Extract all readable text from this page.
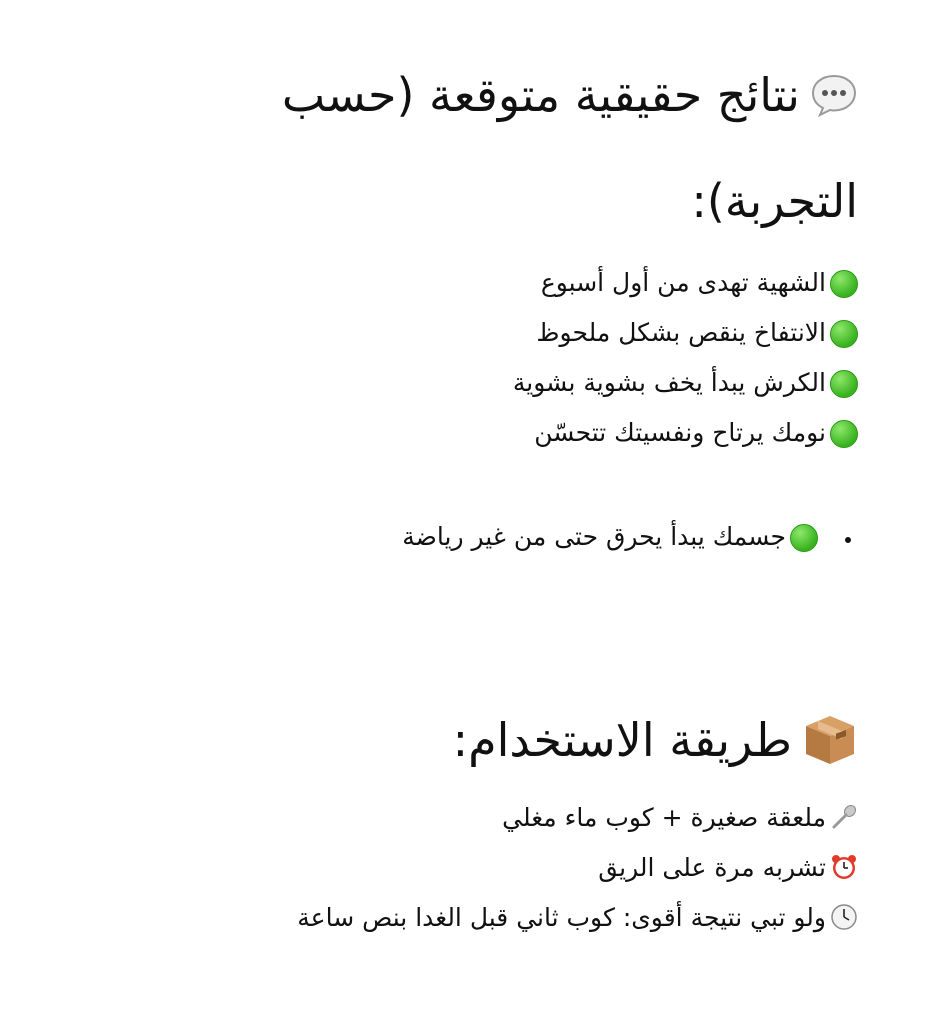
نتائج حقيقية متوقعة (حسب
التجربة):

الشهية تهدى من أول أسبوع

الانتفاخ ينقص بشكل ملحوظ

الكرش يبدأ يخف بشوية بشوية

نومك يرتاح ونفسيتك تتحسّن

جسمك يبدأ يحرق حتى من غير رياضة

طريقة الاستخدام:

ملعقة صغيرة + كوب ماء مغلي

تشربه مرة على الريق

ولو تبي نتيجة أقوى: كوب ثاني قبل الغدا بنص ساعة
